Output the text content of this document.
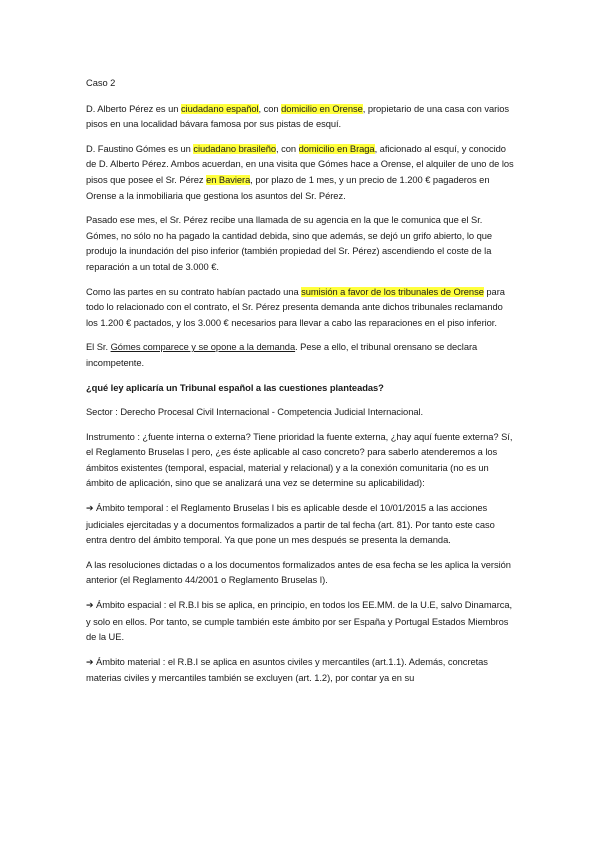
Caso 2

D. Alberto Pérez es un ciudadano español, con domicilio en Orense, propietario de una casa con varios pisos en una localidad bávara famosa por sus pistas de esquí.

D. Faustino Gómes es un ciudadano brasileño, con domicilio en Braga, aficionado al esquí, y conocido de D. Alberto Pérez. Ambos acuerdan, en una visita que Gómes hace a Orense, el alquiler de uno de los pisos que posee el Sr. Pérez en Baviera, por plazo de 1 mes, y un precio de 1.200 € pagaderos en Orense a la inmobiliaria que gestiona los asuntos del Sr. Pérez.

Pasado ese mes, el Sr. Pérez recibe una llamada de su agencia en la que le comunica que el Sr. Gómes, no sólo no ha pagado la cantidad debida, sino que además, se dejó un grifo abierto, lo que produjo la inundación del piso inferior (también propiedad del Sr. Pérez) ascendiendo el coste de la reparación a un total de 3.000 €.

Como las partes en su contrato habían pactado una sumisión a favor de los tribunales de Orense para todo lo relacionado con el contrato, el Sr. Pérez presenta demanda ante dichos tribunales reclamando los 1.200 € pactados, y los 3.000 € necesarios para llevar a cabo las reparaciones en el piso inferior.

El Sr. Gómes comparece y se opone a la demanda. Pese a ello, el tribunal orensano se declara incompetente.

¿qué ley aplicaría un Tribunal español a las cuestiones planteadas?

Sector : Derecho Procesal Civil Internacional - Competencia Judicial Internacional.

Instrumento : ¿fuente interna o externa? Tiene prioridad la fuente externa, ¿hay aquí fuente externa? Sí, el Reglamento Bruselas I pero, ¿es éste aplicable al caso concreto? para saberlo atenderemos a los ámbitos existentes (temporal, espacial, material y relacional) y a la conexión comunitaria (no es un ámbito de aplicación, sino que se analizará una vez se determine su aplicabilidad):

➔ Ámbito temporal : el Reglamento Bruselas I bis es aplicable desde el 10/01/2015 a las acciones judiciales ejercitadas y a documentos formalizados a partir de tal fecha (art. 81). Por tanto este caso entra dentro del ámbito temporal. Ya que pone un mes después se presenta la demanda.

A las resoluciones dictadas o a los documentos formalizados antes de esa fecha se les aplica la versión anterior (el Reglamento 44/2001 o Reglamento Bruselas I).

➔ Ámbito espacial : el R.B.I bis se aplica, en principio, en todos los EE.MM. de la U.E, salvo Dinamarca, y solo en ellos. Por tanto, se cumple también este ámbito por ser España y Portugal Estados Miembros de la UE.

➔ Ámbito material : el R.B.I se aplica en asuntos civiles y mercantiles (art.1.1). Además, concretas materias civiles y mercantiles también se excluyen (art. 1.2), por contar ya en su
